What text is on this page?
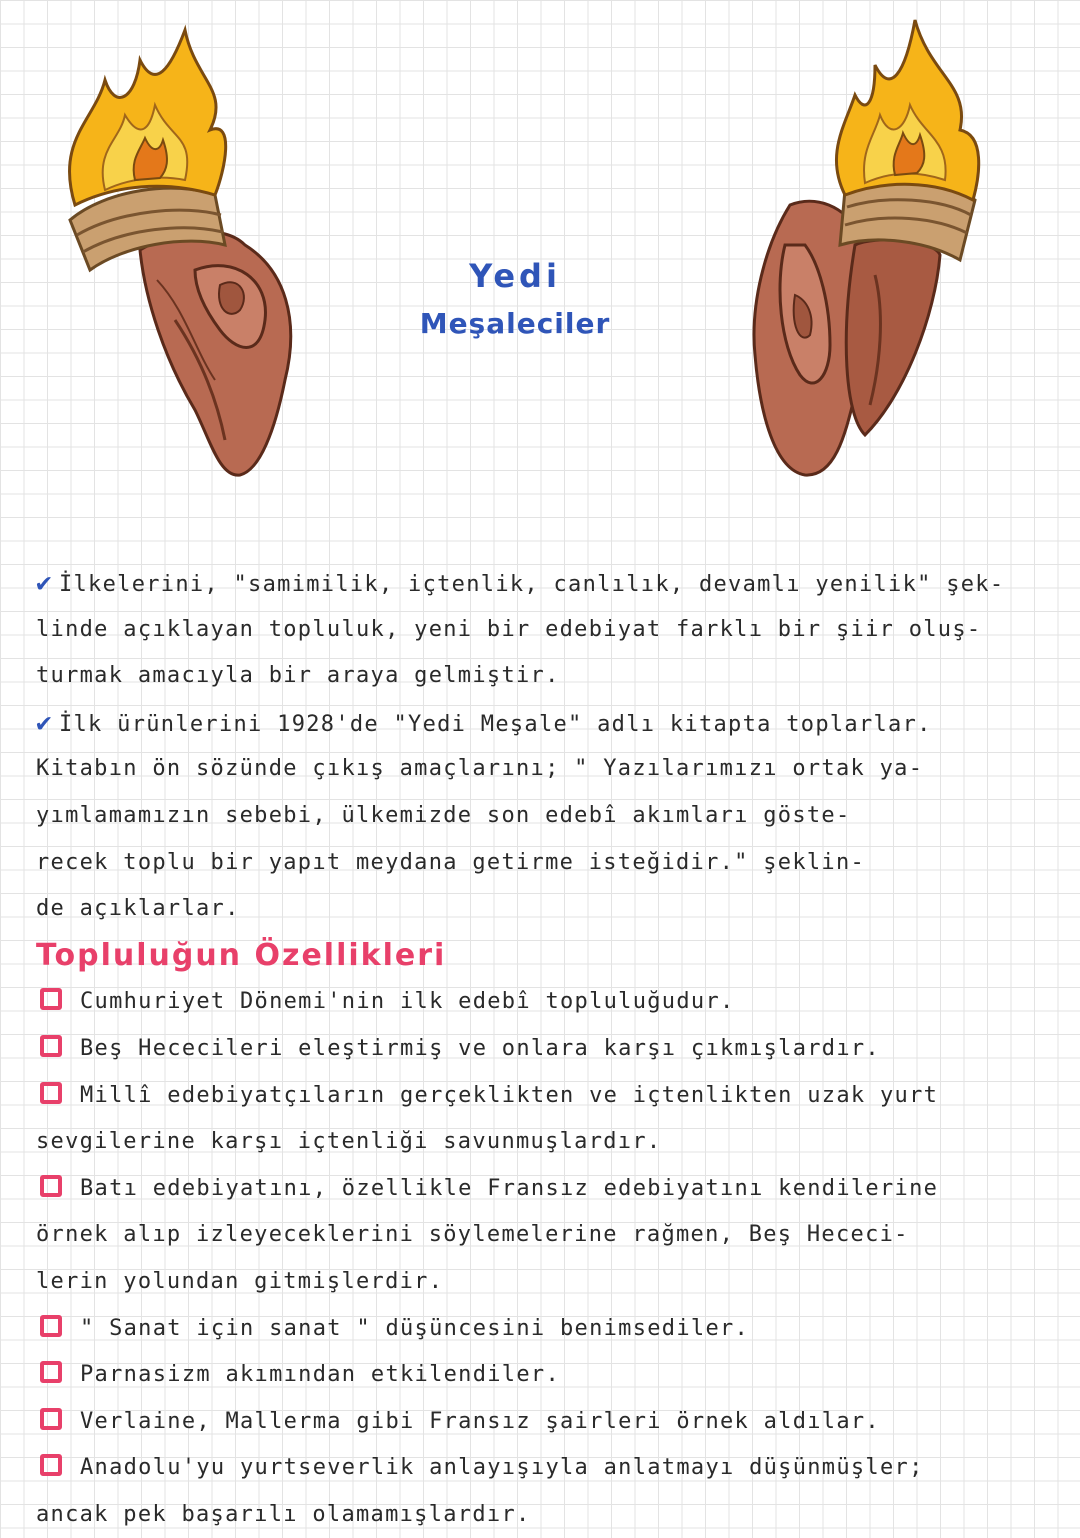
Yedi
Meşaleciler
✔ İlkelerini, "samimilik, içtenlik, canlılık, devamlı yenilik" şek-
linde açıklayan topluluk, yeni bir edebiyat farklı bir şiir oluş-
turmak amacıyla bir araya gelmiştir.
✔ İlk ürünlerini 1928'de "Yedi Meşale" adlı kitapta toplarlar.
Kitabın ön sözünde çıkış amaçlarını; " Yazılarımızı ortak ya-
yımlamamızın sebebi, ülkemizde son edebî akımları göste-
recek toplu bir yapıt meydana getirme isteğidir." şeklin-
de açıklarlar.
Topluluğun Özellikleri
Cumhuriyet Dönemi'nin ilk edebî topluluğudur.
Beş Hececileri eleştirmiş ve onlara karşı çıkmışlardır.
Millî edebiyatçıların gerçeklikten ve içtenlikten uzak yurt
sevgilerine karşı içtenliği savunmuşlardır.
Batı edebiyatını, özellikle Fransız edebiyatını kendilerine
örnek alıp izleyeceklerini söylemelerine rağmen, Beş Hececi-
lerin yolundan gitmişlerdir.
" Sanat için sanat " düşüncesini benimsediler.
Parnasizm akımından etkilendiler.
Verlaine, Mallerma gibi Fransız şairleri örnek aldılar.
Anadolu'yu yurtseverlik anlayışıyla anlatmayı düşünmüşler;
ancak pek başarılı olamamışlardır.
